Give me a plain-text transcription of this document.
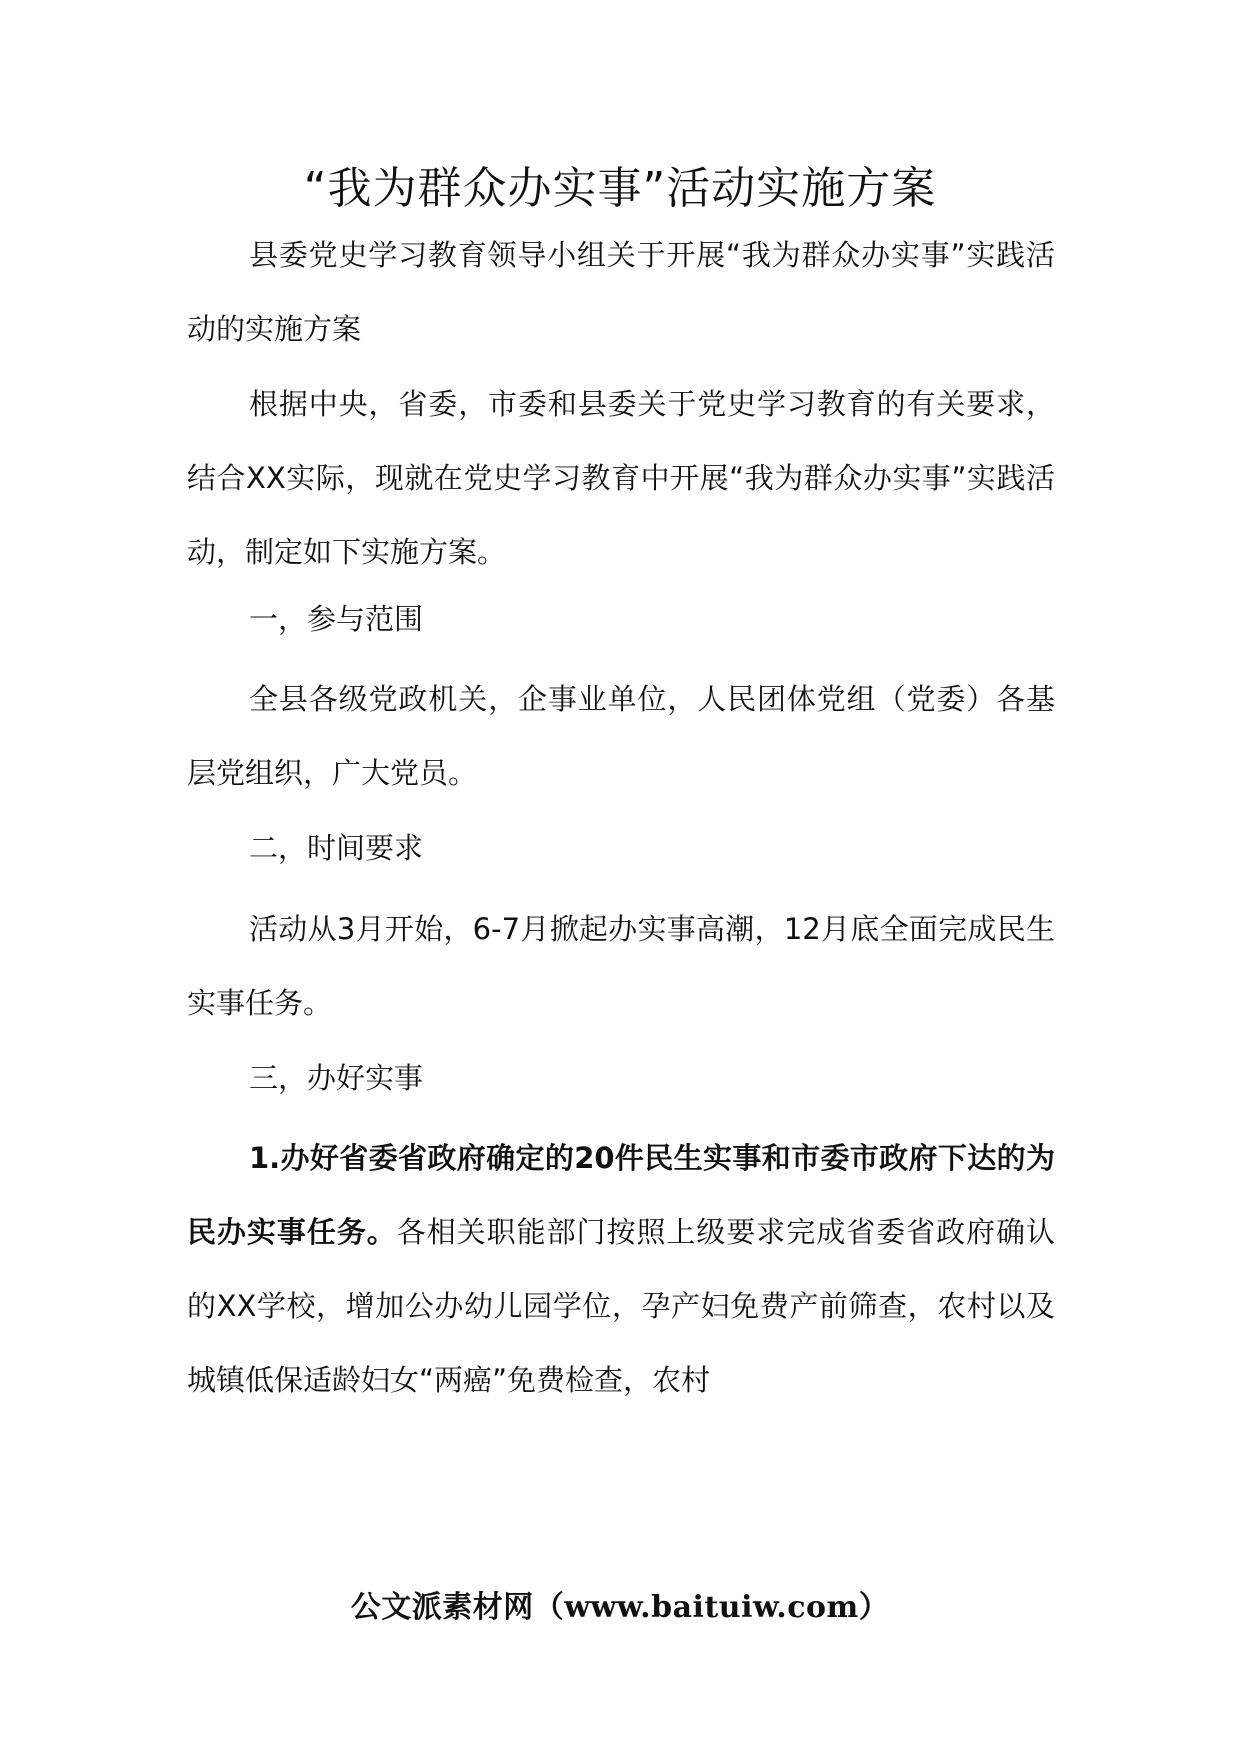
“我为群众办实事”活动实施方案

县委党史学习教育领导小组关于开展“我为群众办实事”实践活动的实施方案

根据中央，省委，市委和县委关于党史学习教育的有关要求，结合XX实际，现就在党史学习教育中开展“我为群众办实事”实践活动，制定如下实施方案。

一，参与范围

全县各级党政机关，企事业单位，人民团体党组（党委）各基层党组织，广大党员。

二，时间要求

活动从3月开始，6-7月掀起办实事高潮，12月底全面完成民生实事任务。

三，办好实事

1.办好省委省政府确定的20件民生实事和市委市政府下达的为民办实事任务。各相关职能部门按照上级要求完成省委省政府确认的XX学校，增加公办幼儿园学位，孕产妇免费产前筛查，农村以及城镇低保适龄妇女“两癌”免费检查，农村

公文派素材网（www.baituiw.com）
